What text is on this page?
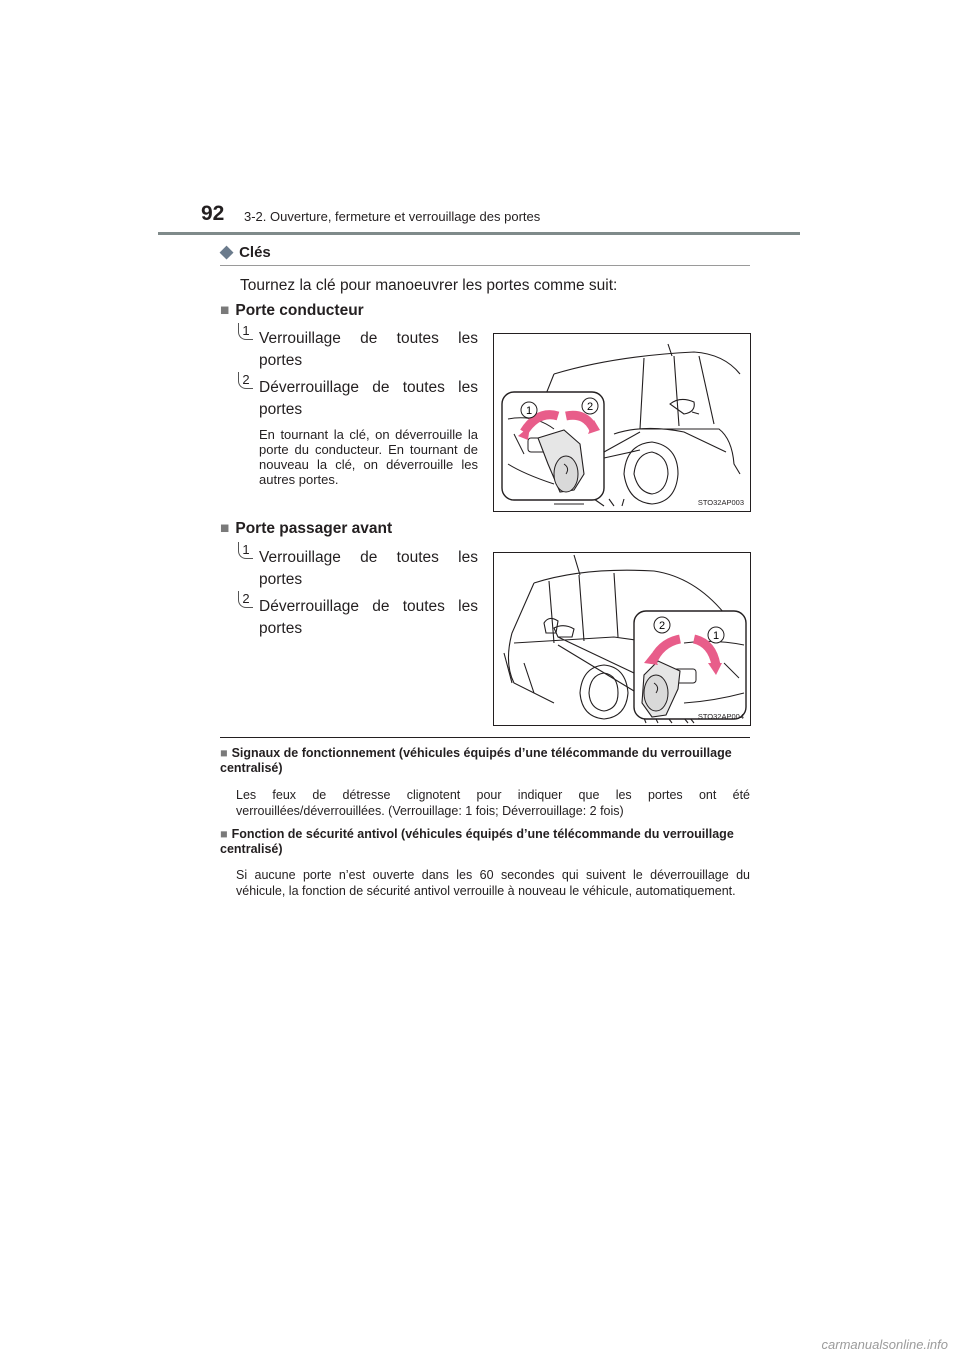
92 3-2. Ouverture, fermeture et verrouillage des portes
◆ Clés
Tournez la clé pour manoeuvrer les portes comme suit:
■ Porte conducteur
1 Verrouillage de toutes les portes
2 Déverrouillage de toutes les portes
En tournant la clé, on déverrouille la porte du conducteur. En tournant de nouveau la clé, on déverrouille les autres portes.
1	2
STO32AP003
■ Porte passager avant
1 Verrouillage de toutes les portes
2 Déverrouillage de toutes les portes	2
1
STO32AP004
■ Signaux de fonctionnement (véhicules équipés d’une télécommande du verrouillage centralisé)
Les feux de détresse clignotent pour indiquer que les portes ont été verrouillées/déverrouillées. (Verrouillage: 1 fois; Déverrouillage: 2 fois)
■ Fonction de sécurité antivol (véhicules équipés d’une télécommande du verrouillage centralisé)
Si aucune porte n’est ouverte dans les 60 secondes qui suivent le déverrouillage du véhicule, la fonction de sécurité antivol verrouille à nouveau le véhicule, automatiquement.
carmanualsonline.info
